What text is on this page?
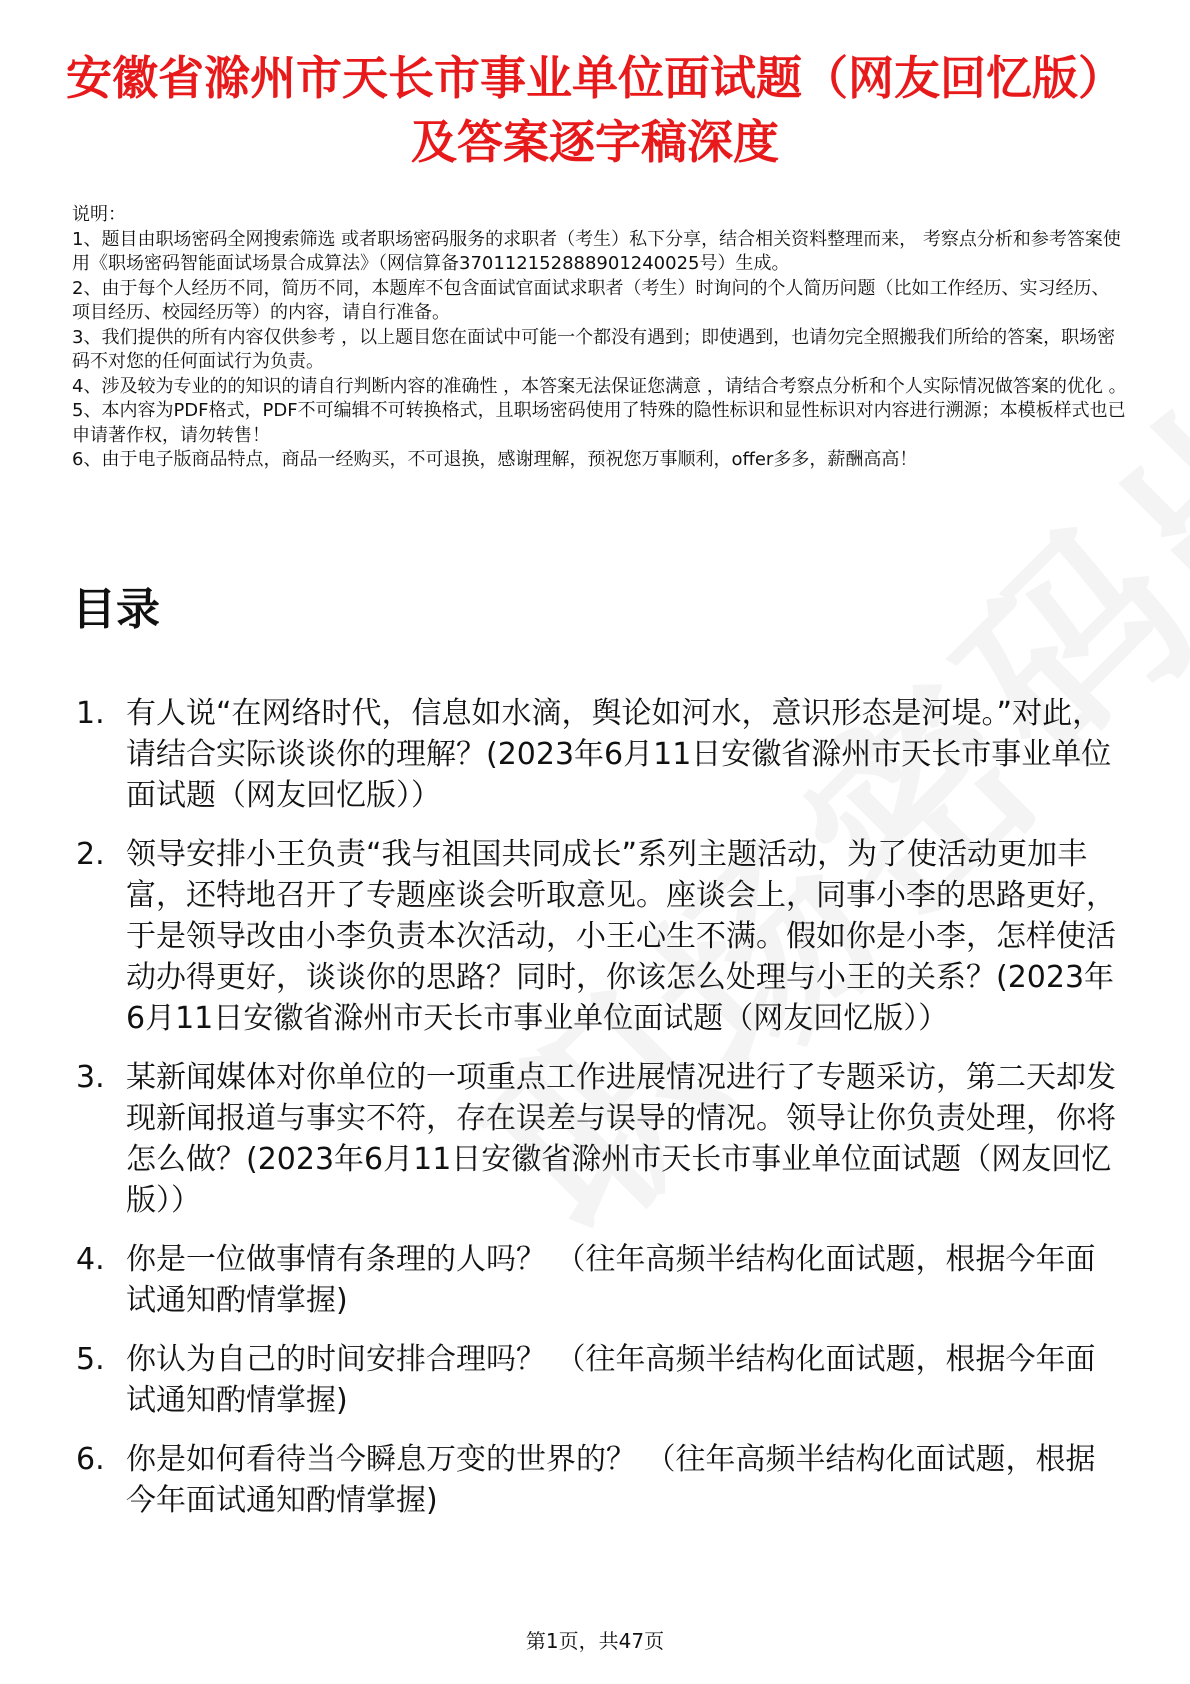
安徽省滁州市天长市事业单位面试题（网友回忆版）及答案逐字稿深度

说明：

1、题目由职场密码全网搜索筛选 或者职场密码服务的求职者（考生）私下分享，结合相关资料整理而来， 考察点分析和参考答案使用《职场密码智能面试场景合成算法》（网信算备370112152888901240025号）生成。

2、由于每个人经历不同，简历不同，本题库不包含面试官面试求职者（考生）时询问的个人简历问题（比如工作经历、实习经历、项目经历、校园经历等）的内容，请自行准备。

3、我们提供的所有内容仅供参考 ，以上题目您在面试中可能一个都没有遇到；即使遇到，也请勿完全照搬我们所给的答案，职场密码不对您的任何面试行为负责。

4、涉及较为专业的的知识的请自行判断内容的准确性 ，本答案无法保证您满意 ，请结合考察点分析和个人实际情况做答案的优化 。

5、本内容为PDF格式，PDF不可编辑不可转换格式，且职场密码使用了特殊的隐性标识和显性标识对内容进行溯源；本模板样式也已申请著作权，请勿转售！

6、由于电子版商品特点，商品一经购买，不可退换，感谢理解，预祝您万事顺利，offer多多，薪酬高高！

目录
1. 有人说“在网络时代，信息如水滴，舆论如河水，意识形态是河堤。”对此，请结合实际谈谈你的理解？(2023年6月11日安徽省滁州市天长市事业单位面试题（网友回忆版））
2. 领导安排小王负责“我与祖国共同成长”系列主题活动，为了使活动更加丰富，还特地召开了专题座谈会听取意见。座谈会上，同事小李的思路更好，于是领导改由小李负责本次活动，小王心生不满。假如你是小李，怎样使活动办得更好，谈谈你的思路？同时，你该怎么处理与小王的关系？(2023年6月11日安徽省滁州市天长市事业单位面试题（网友回忆版））
3. 某新闻媒体对你单位的一项重点工作进展情况进行了专题采访，第二天却发现新闻报道与事实不符，存在误差与误导的情况。领导让你负责处理，你将怎么做？(2023年6月11日安徽省滁州市天长市事业单位面试题（网友回忆版））
4. 你是一位做事情有条理的人吗？ （往年高频半结构化面试题，根据今年面试通知酌情掌握)
5. 你认为自己的时间安排合理吗？ （往年高频半结构化面试题，根据今年面试通知酌情掌握)
6. 你是如何看待当今瞬息万变的世界的？ （往年高频半结构化面试题，根据今年面试通知酌情掌握)
第1页，共47页
